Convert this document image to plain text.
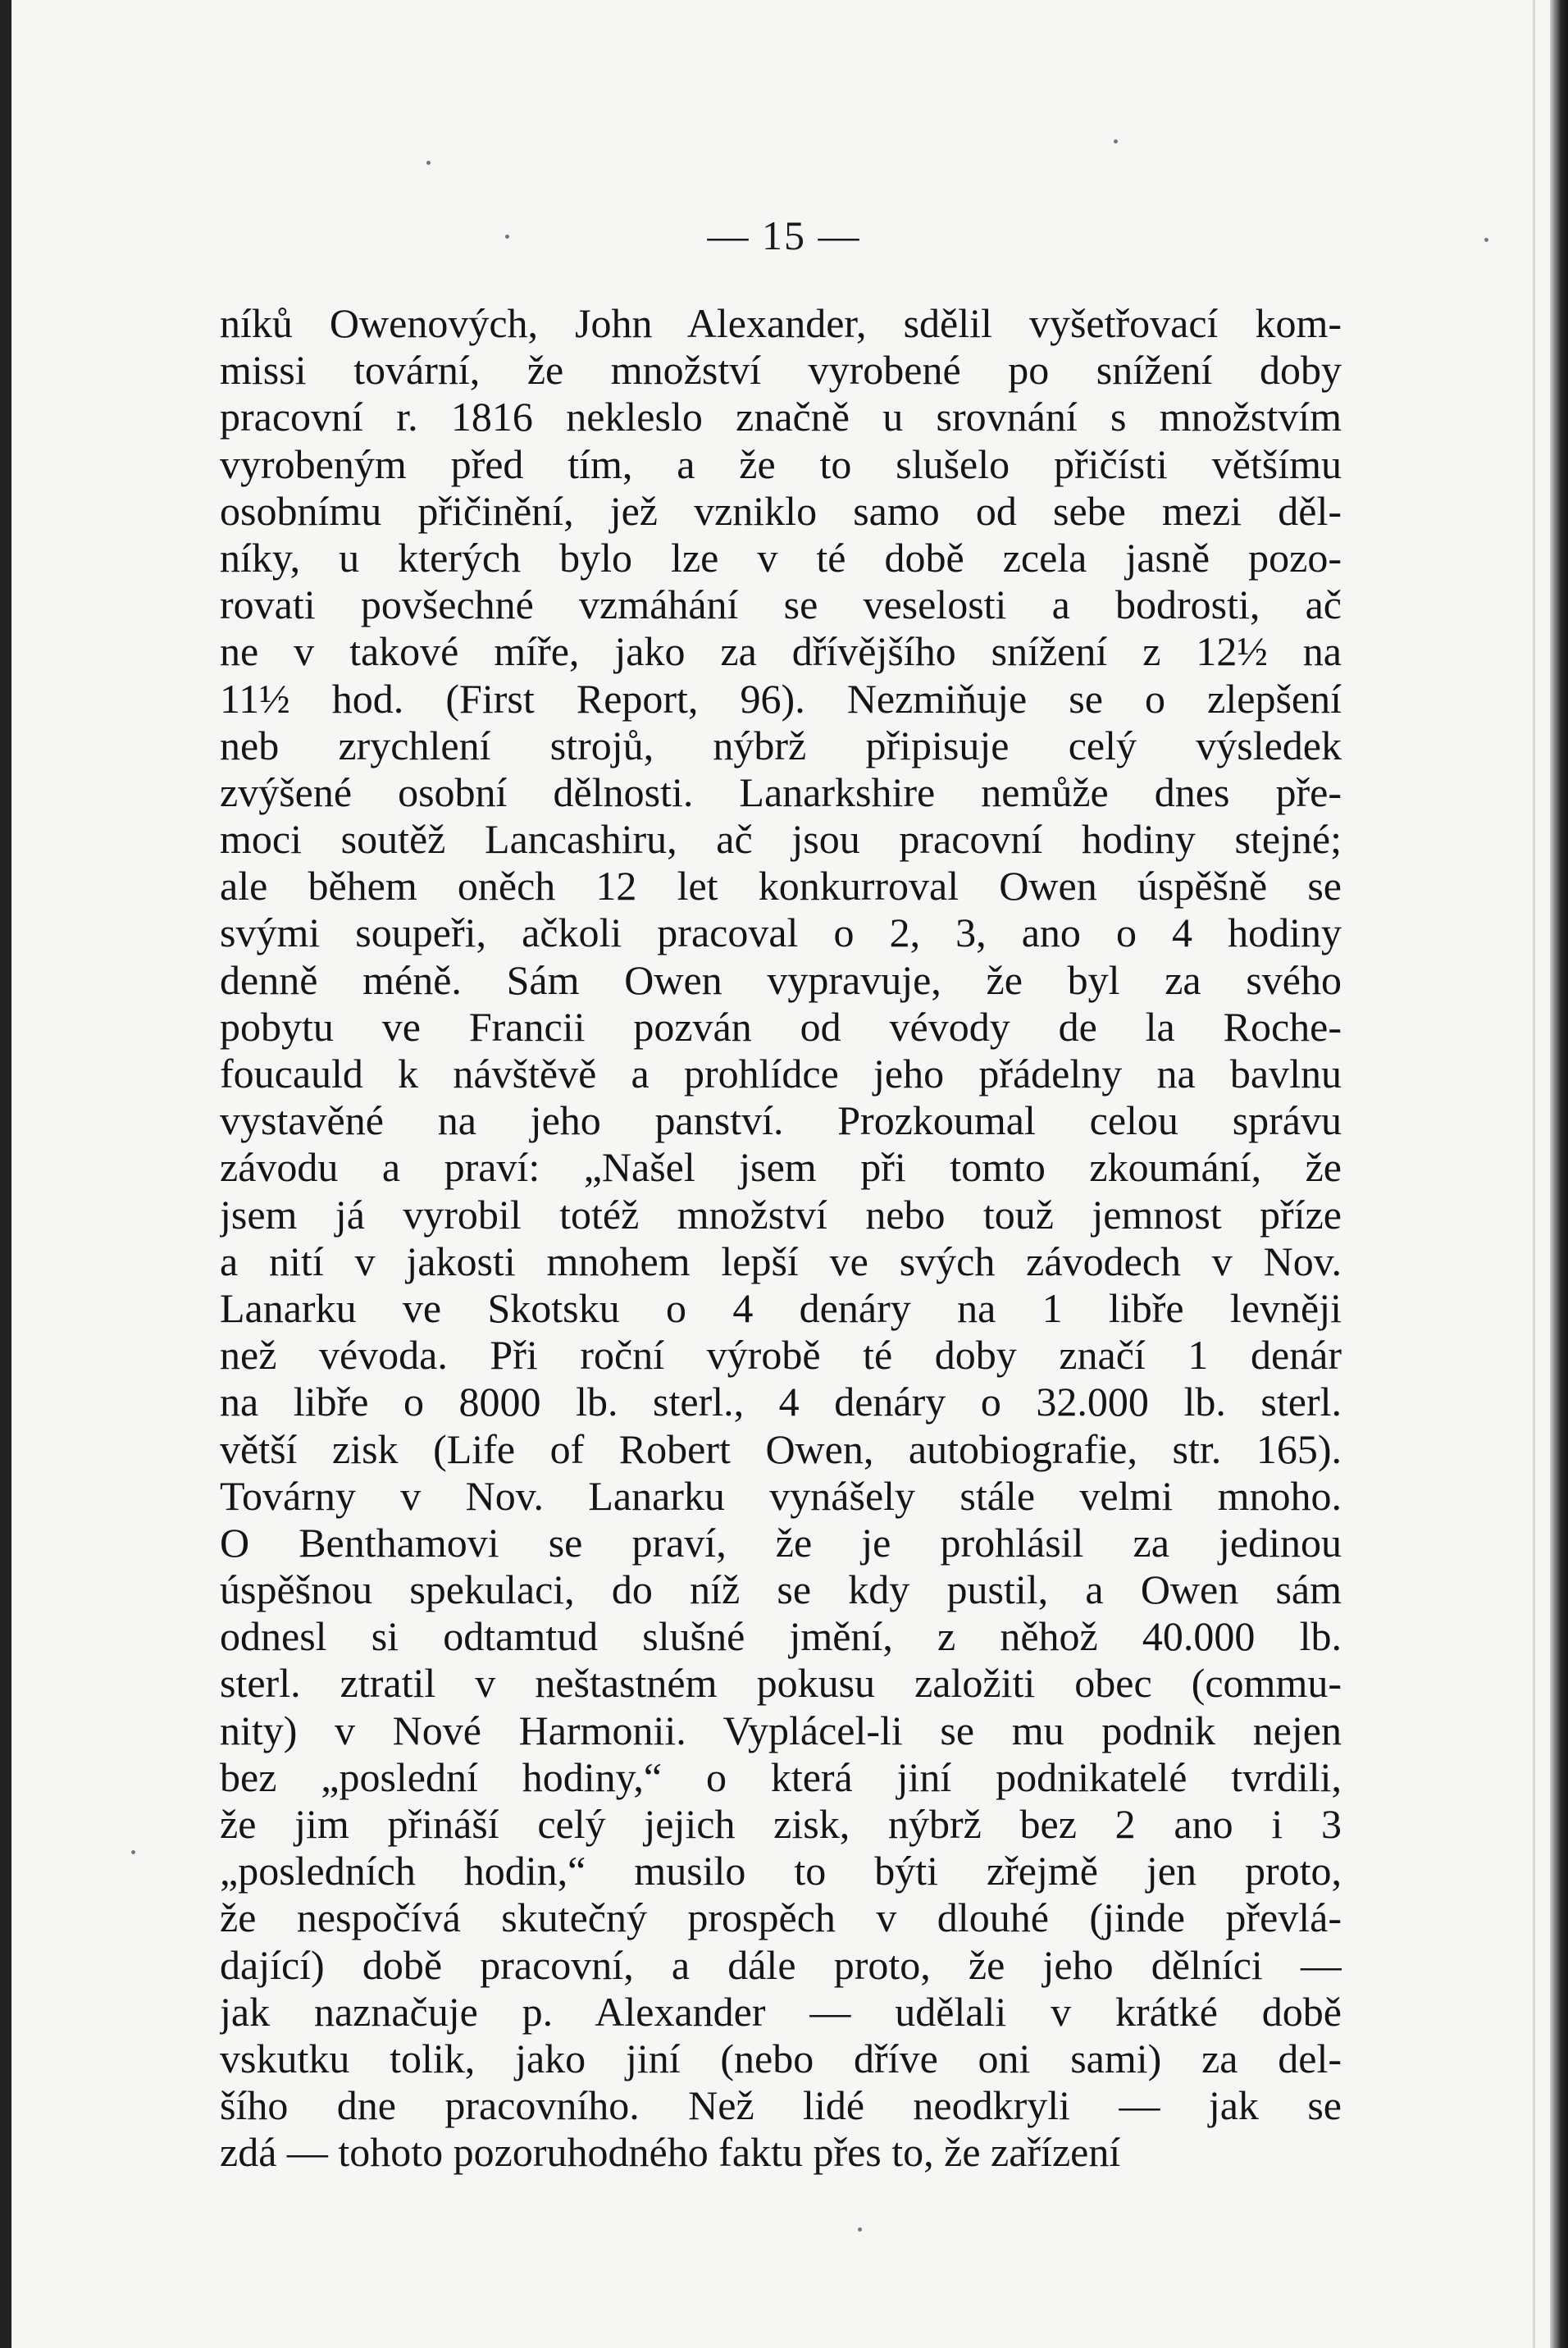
— 15 —
níků Owenových, John Alexander, sdělil vyšetřovací kom-
missi tovární, že množství vyrobené po snížení doby
pracovní r. 1816 nekleslo značně u srovnání s množstvím
vyrobeným před tím, a že to slušelo přičísti většímu
osobnímu přičinění, jež vzniklo samo od sebe mezi děl-
níky, u kterých bylo lze v té době zcela jasně pozo-
rovati povšechné vzmáhání se veselosti a bodrosti, ač
ne v takové míře, jako za dřívějšího snížení z 12½ na
11½ hod. (First Report, 96). Nezmiňuje se o zlepšení
neb zrychlení strojů, nýbrž připisuje celý výsledek
zvýšené osobní dělnosti. Lanarkshire nemůže dnes pře-
moci soutěž Lancashiru, ač jsou pracovní hodiny stejné;
ale během oněch 12 let konkurroval Owen úspěšně se
svými soupeři, ačkoli pracoval o 2, 3, ano o 4 hodiny
denně méně. Sám Owen vypravuje, že byl za svého
pobytu ve Francii pozván od vévody de la Roche-
foucauld k návštěvě a prohlídce jeho přádelny na bavlnu
vystavěné na jeho panství. Prozkoumal celou správu
závodu a praví: „Našel jsem při tomto zkoumání, že
jsem já vyrobil totéž množství nebo touž jemnost příze
a nití v jakosti mnohem lepší ve svých závodech v Nov.
Lanarku ve Skotsku o 4 denáry na 1 libře levněji
než vévoda. Při roční výrobě té doby značí 1 denár
na libře o 8000 lb. sterl., 4 denáry o 32.000 lb. sterl.
větší zisk (Life of Robert Owen, autobiografie, str. 165).
Továrny v Nov. Lanarku vynášely stále velmi mnoho.
O Benthamovi se praví, že je prohlásil za jedinou
úspěšnou spekulaci, do níž se kdy pustil, a Owen sám
odnesl si odtamtud slušné jmění, z něhož 40.000 lb.
sterl. ztratil v neštastném pokusu založiti obec (commu-
nity) v Nové Harmonii. Vyplácel-li se mu podnik nejen
bez „poslední hodiny,“ o která jiní podnikatelé tvrdili,
že jim přináší celý jejich zisk, nýbrž bez 2 ano i 3
„posledních hodin,“ musilo to býti zřejmě jen proto,
že nespočívá skutečný prospěch v dlouhé (jinde převlá-
dající) době pracovní, a dále proto, že jeho dělníci —
jak naznačuje p. Alexander — udělali v krátké době
vskutku tolik, jako jiní (nebo dříve oni sami) za del-
šího dne pracovního. Než lidé neodkryli — jak se
zdá — tohoto pozoruhodného faktu přes to, že zařízení
